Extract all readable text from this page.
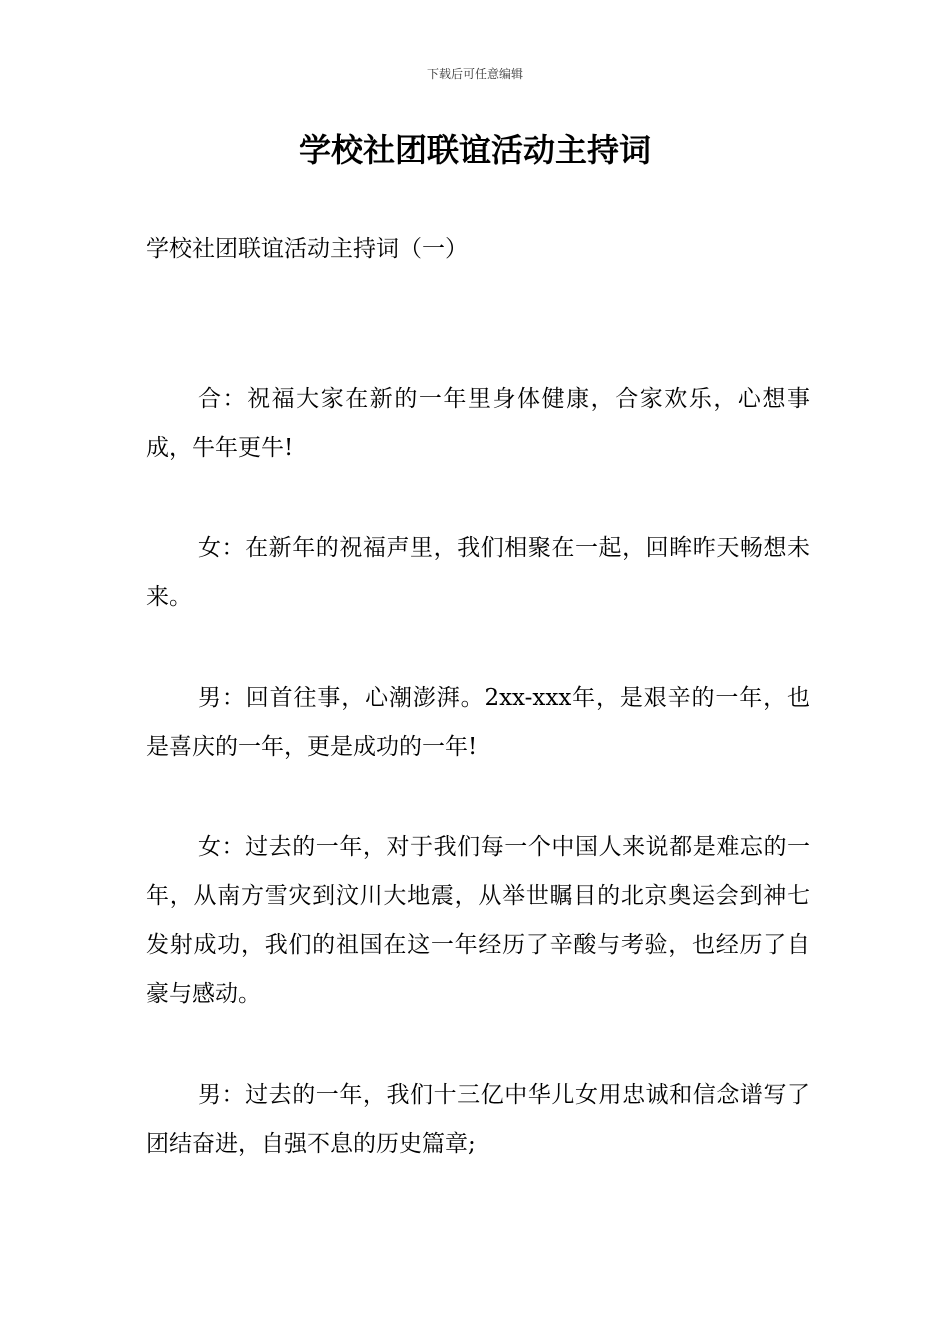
下载后可任意编辑
学校社团联谊活动主持词

学校社团联谊活动主持词（一）

合：祝福大家在新的一年里身体健康，合家欢乐，心想事成，牛年更牛!

女：在新年的祝福声里，我们相聚在一起，回眸昨天畅想未来。

男：回首往事，心潮澎湃。2xx-xxx年，是艰辛的一年，也是喜庆的一年，更是成功的一年!

女：过去的一年，对于我们每一个中国人来说都是难忘的一年，从南方雪灾到汶川大地震，从举世瞩目的北京奥运会到神七发射成功，我们的祖国在这一年经历了辛酸与考验，也经历了自豪与感动。

男：过去的一年，我们十三亿中华儿女用忠诚和信念谱写了团结奋进，自强不息的历史篇章;
